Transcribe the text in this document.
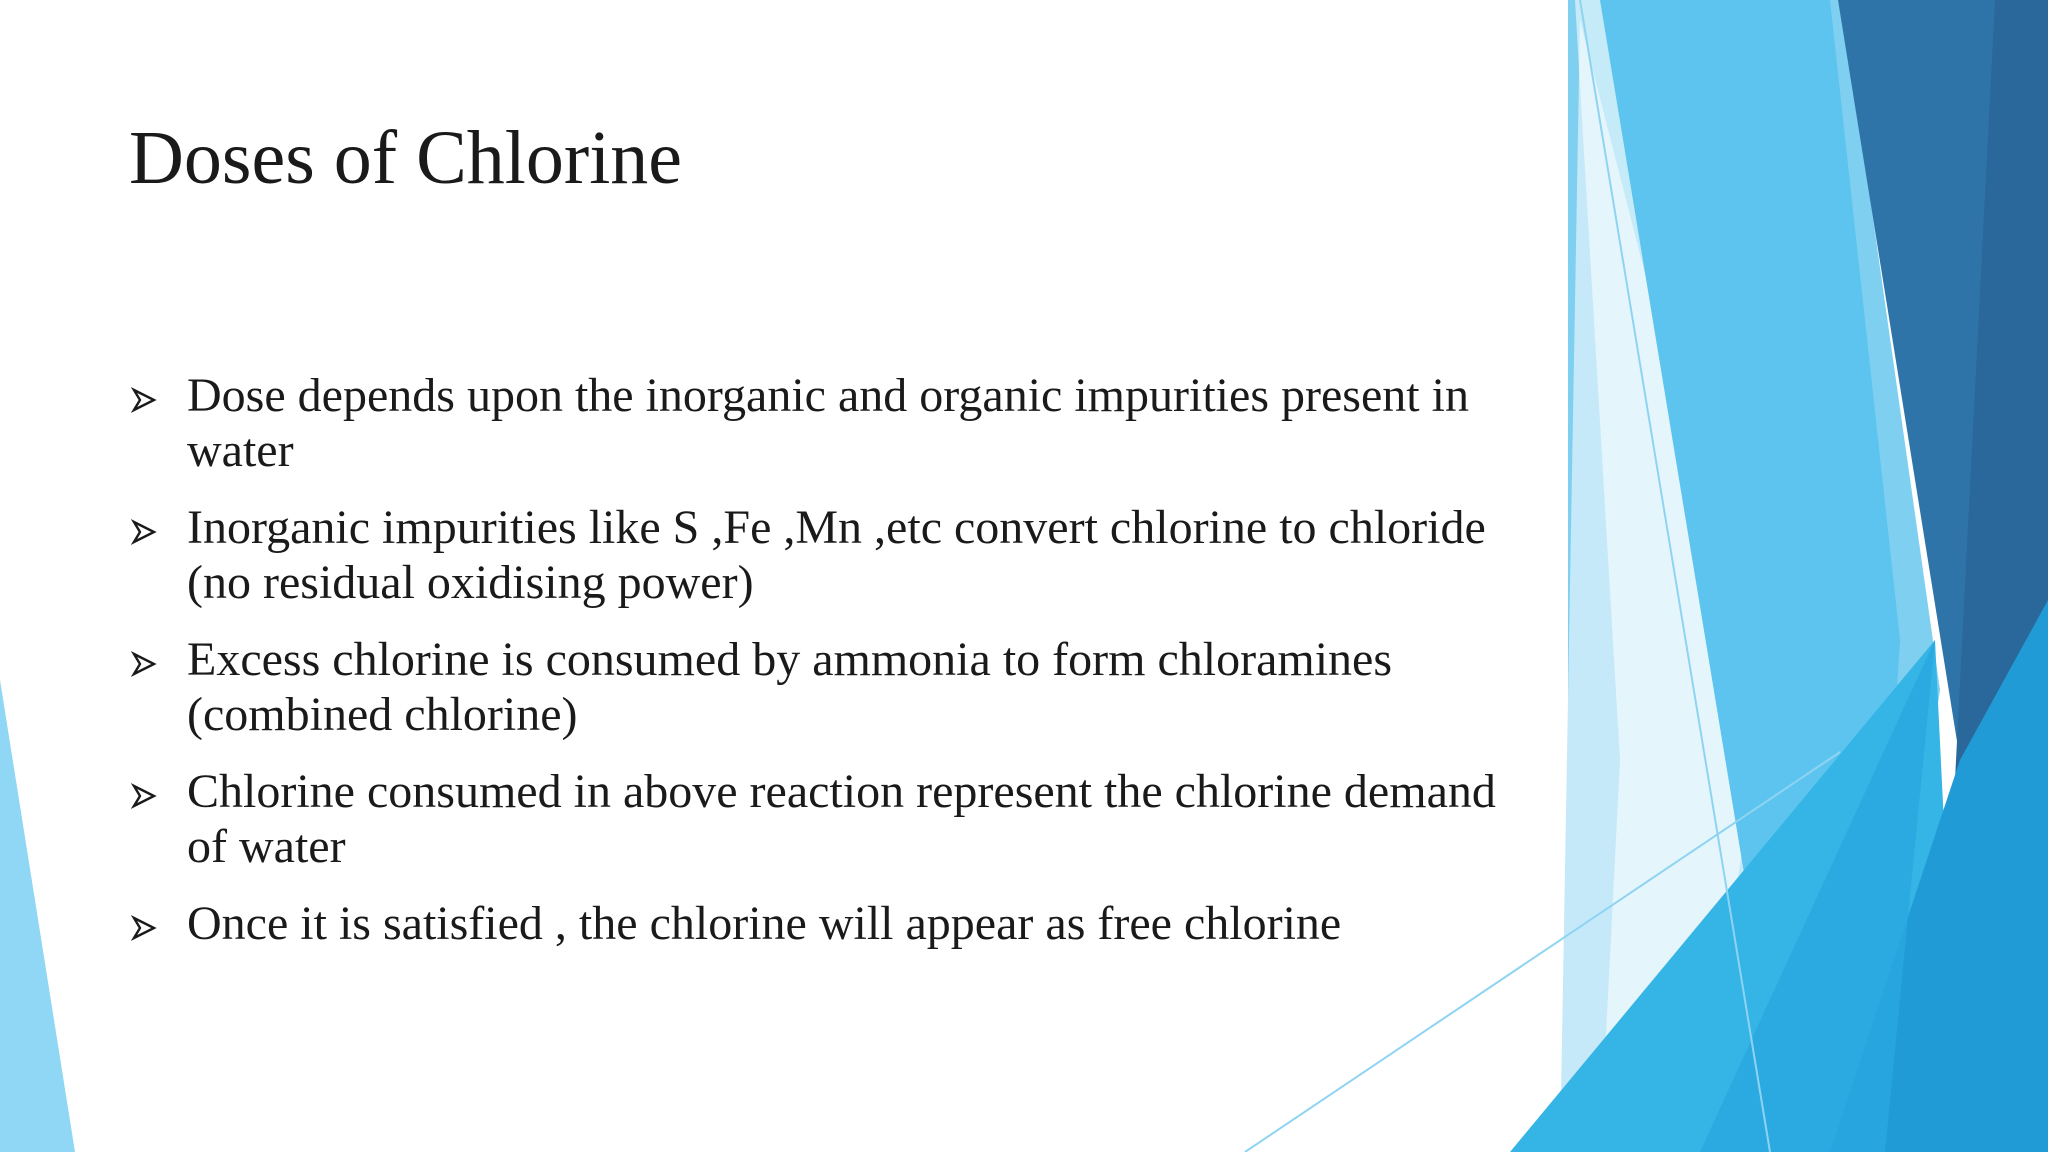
Doses of Chlorine
Dose depends upon the inorganic and organic impurities present in water
Inorganic impurities like S ,Fe ,Mn ,etc convert chlorine to chloride (no residual oxidising power)
Excess chlorine is consumed by ammonia to form chloramines (combined chlorine)
Chlorine consumed in above reaction represent the chlorine demand of water
Once it is satisfied , the chlorine will appear as free chlorine
